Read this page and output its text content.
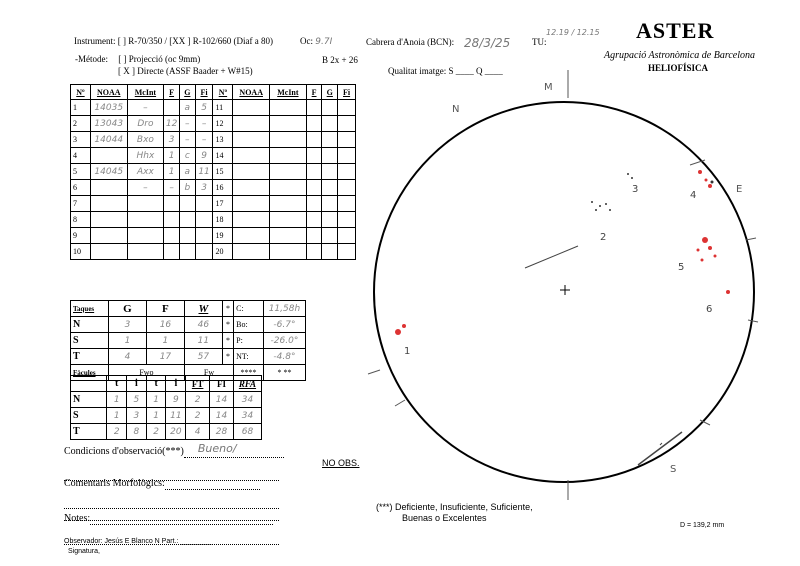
Instrument: [ ] R-70/350 / [XX ] R-102/660 (Diaf a 80)	Oc: 9.7I
-Métode: [ ] Projecció (oc 9mm)
[ X ] Directe (ASSF Baader + W#15)
B 2x + 26
Cabrera d'Anoia (BCN): 28/3/25 TU:
12.19 / 12.15
Qualitat imatge: S ____ Q ____
ASTER
Agrupació Astronòmica de Barcelona
HELIOFÍSICA
Nº	NOAA	McInt	F	G	Fi	Nº	NOAA	McInt	F	G	Fi
1	14035	–		a	5	11					
2	13043	Dro	12	–	–	12					
3	14044	Bxo	3	–	–	13					
4		Hhx	1	c	9	14					
5	14045	Axx	1	a	11	15					
6		–	–	b	3	16					
7						17					
8						18					
9						19					
10						20					
Taques	G	F	W	*	C:	11,58h
N	3	16	46	*	Bo:	-6.7°
S	1	1	11	*	P:	-26.0°
T	4	17	57	*	NT:	-4.8°
Fàcules	Fwo		Fw		****	* **
	t	i	t	i	FT	FI	RFA
N	1	5	1	9	2	14	34
S	1	3	1	11	2	14	34
T	2	8	2	20	4	28	68
Condicions d'observació(***) Bueno/

Comentaris Morfològics:

Notes:

Observador: Jesús E Blanco N Part.: ________
Signatura,
NO OBS.
(***) Deficiente, Insuficiente, Suficiente,
Buenas o Excelentes
D = 139,2 mm
N
S
E
M
3
2
4
5
6
1
